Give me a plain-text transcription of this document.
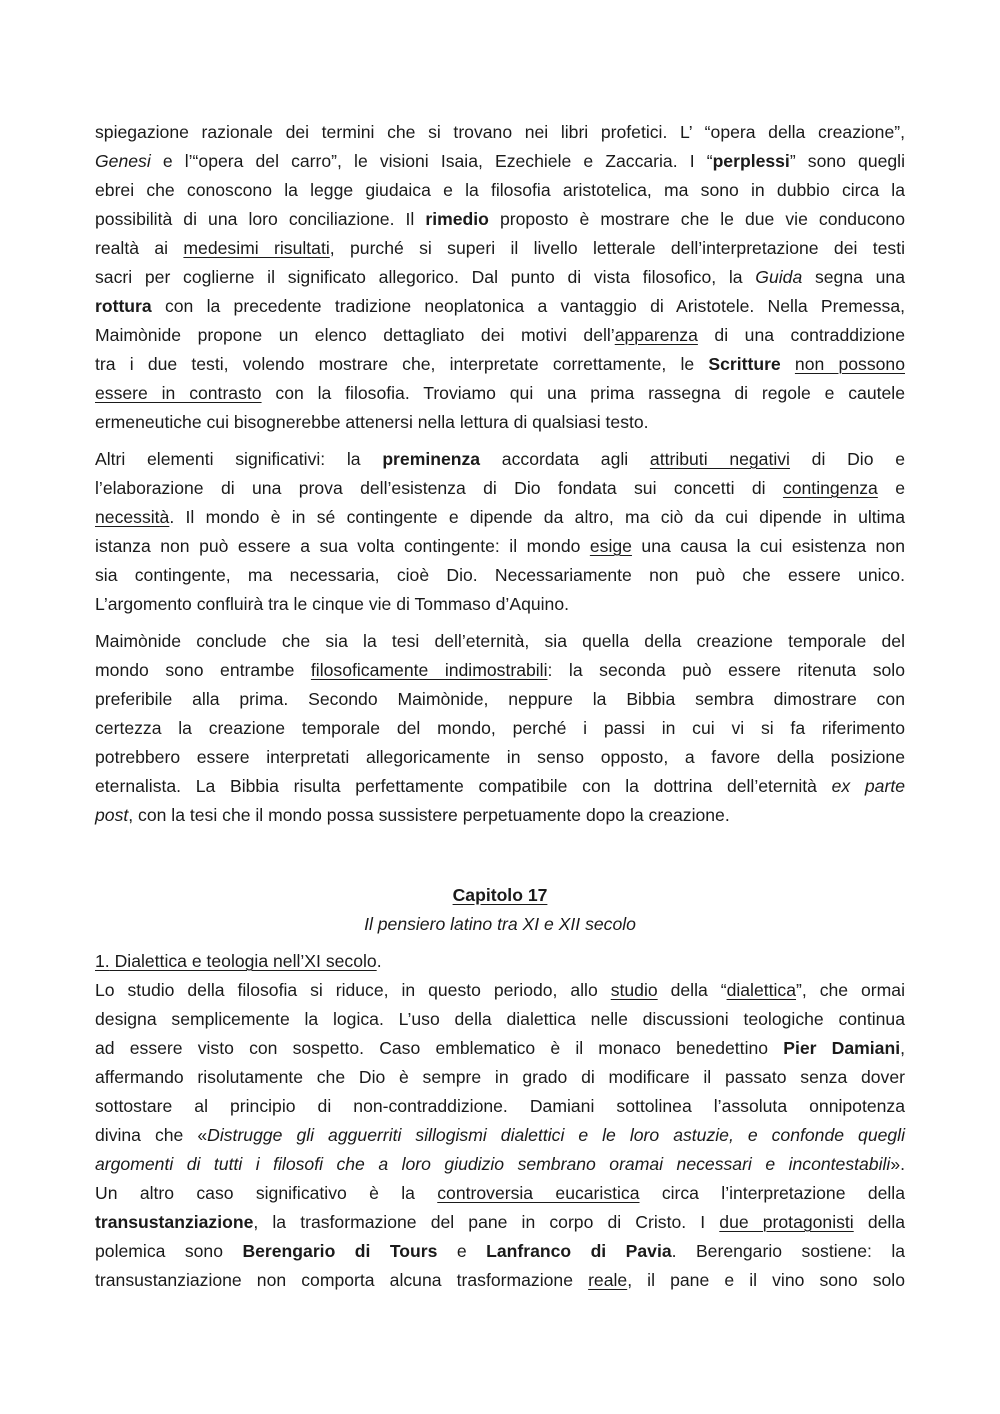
spiegazione razionale dei termini che si trovano nei libri profetici. L’ “opera della creazione”,
Genesi e l’“opera del carro”, le visioni Isaia, Ezechiele e Zaccaria. I “perplessi” sono quegli
ebrei che conoscono la legge giudaica e la filosofia aristotelica, ma sono in dubbio circa la
possibilità di una loro conciliazione. Il rimedio proposto è mostrare che le due vie conducono
realtà ai medesimi risultati, purché si superi il livello letterale dell’interpretazione dei testi
sacri per coglierne il significato allegorico. Dal punto di vista filosofico, la Guida segna una
rottura con la precedente tradizione neoplatonica a vantaggio di Aristotele. Nella Premessa,
Maimònide propone un elenco dettagliato dei motivi dell’apparenza di una contraddizione
tra i due testi, volendo mostrare che, interpretate correttamente, le Scritture non possono
essere in contrasto con la filosofia. Troviamo qui una prima rassegna di regole e cautele
ermeneutiche cui bisognerebbe attenersi nella lettura di qualsiasi testo.

Altri elementi significativi: la preminenza accordata agli attributi negativi di Dio e
l’elaborazione di una prova dell’esistenza di Dio fondata sui concetti di contingenza e
necessità. Il mondo è in sé contingente e dipende da altro, ma ciò da cui dipende in ultima
istanza non può essere a sua volta contingente: il mondo esige una causa la cui esistenza non
sia contingente, ma necessaria, cioè Dio. Necessariamente non può che essere unico.
L’argomento confluirà tra le cinque vie di Tommaso d’Aquino.

Maimònide conclude che sia la tesi dell’eternità, sia quella della creazione temporale del
mondo sono entrambe filosoficamente indimostrabili: la seconda può essere ritenuta solo
preferibile alla prima. Secondo Maimònide, neppure la Bibbia sembra dimostrare con
certezza la creazione temporale del mondo, perché i passi in cui vi si fa riferimento
potrebbero essere interpretati allegoricamente in senso opposto, a favore della posizione
eternalista. La Bibbia risulta perfettamente compatibile con la dottrina dell’eternità ex parte
post, con la tesi che il mondo possa sussistere perpetuamente dopo la creazione.

Capitolo 17
Il pensiero latino tra XI e XII secolo
1. Dialettica e teologia nell’XI secolo.
Lo studio della filosofia si riduce, in questo periodo, allo studio della “dialettica”, che ormai
designa semplicemente la logica. L’uso della dialettica nelle discussioni teologiche continua
ad essere visto con sospetto. Caso emblematico è il monaco benedettino Pier Damiani,
affermando risolutamente che Dio è sempre in grado di modificare il passato senza dover
sottostare al principio di non-contraddizione. Damiani sottolinea l’assoluta onnipotenza
divina che «Distrugge gli agguerriti sillogismi dialettici e le loro astuzie, e confonde quegli
argomenti di tutti i filosofi che a loro giudizio sembrano oramai necessari e incontestabili».
Un altro caso significativo è la controversia eucaristica circa l’interpretazione della
transustanziazione, la trasformazione del pane in corpo di Cristo. I due protagonisti della
polemica sono Berengario di Tours e Lanfranco di Pavia. Berengario sostiene: la
transustanziazione non comporta alcuna trasformazione reale, il pane e il vino sono solo
